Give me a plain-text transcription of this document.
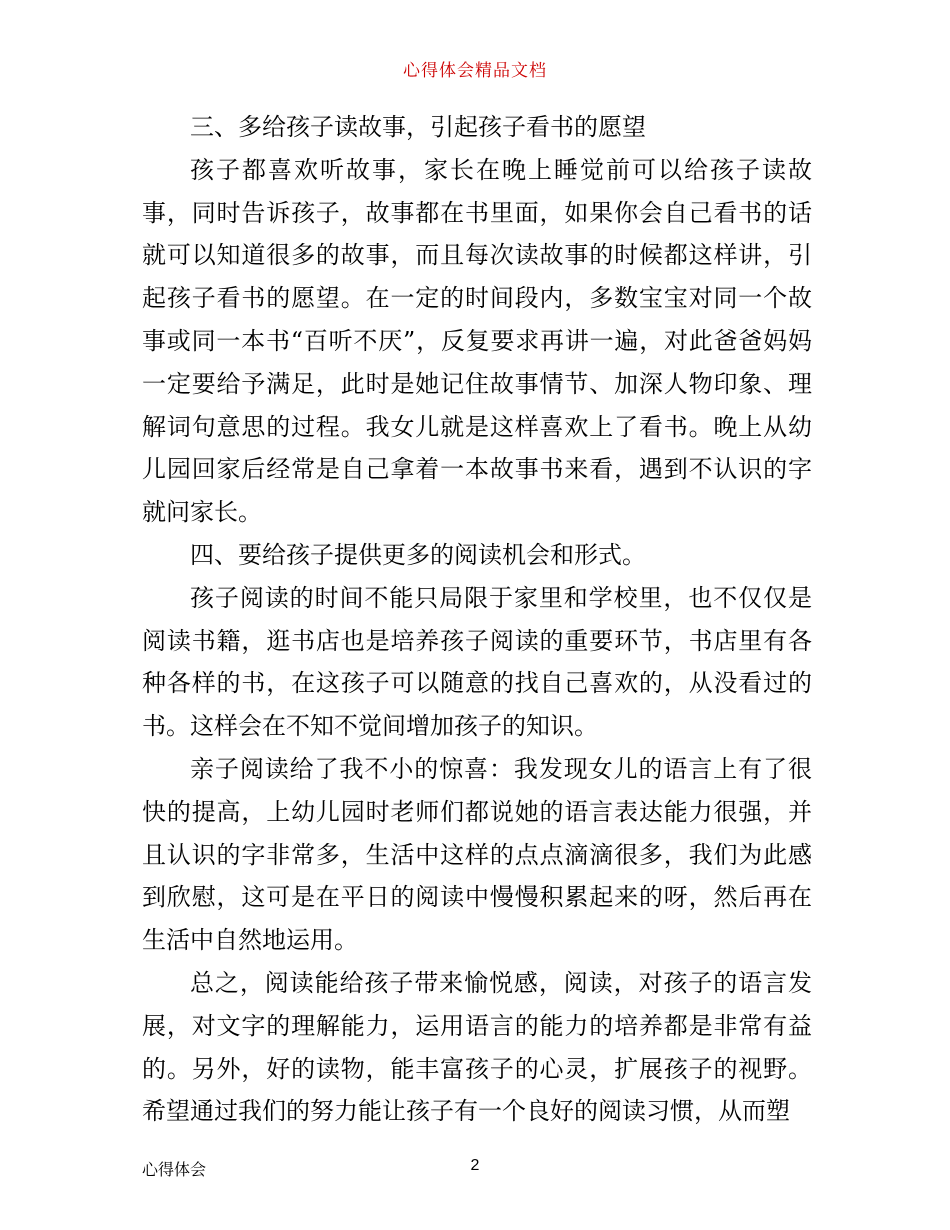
心得体会精品文档

三、多给孩子读故事，引起孩子看书的愿望

孩子都喜欢听故事，家长在晚上睡觉前可以给孩子读故事，同时告诉孩子，故事都在书里面，如果你会自己看书的话就可以知道很多的故事，而且每次读故事的时候都这样讲，引起孩子看书的愿望。在一定的时间段内，多数宝宝对同一个故事或同一本书“百听不厌”，反复要求再讲一遍，对此爸爸妈妈一定要给予满足，此时是她记住故事情节、加深人物印象、理解词句意思的过程。我女儿就是这样喜欢上了看书。晚上从幼儿园回家后经常是自己拿着一本故事书来看，遇到不认识的字就问家长。

四、要给孩子提供更多的阅读机会和形式。

孩子阅读的时间不能只局限于家里和学校里，也不仅仅是阅读书籍，逛书店也是培养孩子阅读的重要环节，书店里有各种各样的书，在这孩子可以随意的找自己喜欢的，从没看过的书。这样会在不知不觉间增加孩子的知识。

亲子阅读给了我不小的惊喜：我发现女儿的语言上有了很快的提高，上幼儿园时老师们都说她的语言表达能力很强，并且认识的字非常多，生活中这样的点点滴滴很多，我们为此感到欣慰，这可是在平日的阅读中慢慢积累起来的呀，然后再在生活中自然地运用。

总之，阅读能给孩子带来愉悦感，阅读，对孩子的语言发展，对文字的理解能力，运用语言的能力的培养都是非常有益的。另外，好的读物，能丰富孩子的心灵，扩展孩子的视野。希望通过我们的努力能让孩子有一个良好的阅读习惯，从而塑

心得体会	2
